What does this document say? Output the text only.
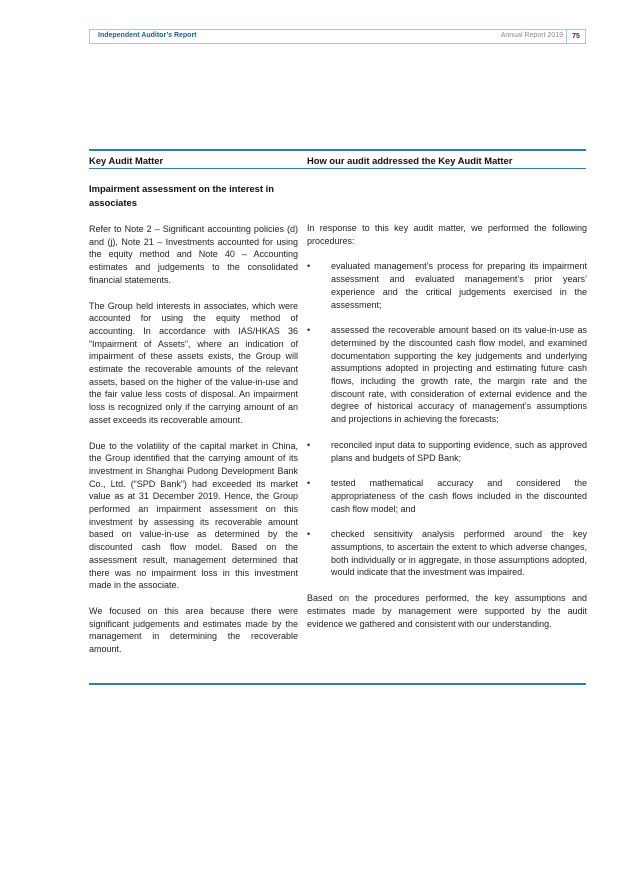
Independent Auditor’s Report	Annual Report 2019	75
Key Audit Matter	How our audit addressed the Key Audit Matter
Impairment assessment on the interest in associates

Refer to Note 2 – Significant accounting policies (d) and (j), Note 21 – Investments accounted for using the equity method and Note 40 – Accounting estimates and judgements to the consolidated financial statements.

The Group held interests in associates, which were accounted for using the equity method of accounting. In accordance with IAS/HKAS 36 “Impairment of Assets”, where an indication of impairment of these assets exists, the Group will estimate the recoverable amounts of the relevant assets, based on the higher of the value-in-use and the fair value less costs of disposal. An impairment loss is recognized only if the carrying amount of an asset exceeds its recoverable amount.

Due to the volatility of the capital market in China, the Group identified that the carrying amount of its investment in Shanghai Pudong Development Bank Co., Ltd. (“SPD Bank”) had exceeded its market value as at 31 December 2019. Hence, the Group performed an impairment assessment on this investment by assessing its recoverable amount based on value-in-use as determined by the discounted cash flow model. Based on the assessment result, management determined that there was no impairment loss in this investment made in the associate.

We focused on this area because there were significant judgements and estimates made by the management in determining the recoverable amount.

In response to this key audit matter, we performed the following procedures:

• evaluated management’s process for preparing its impairment assessment and evaluated management’s prior years’ experience and the critical judgements exercised in the assessment;
• assessed the recoverable amount based on its value-in-use as determined by the discounted cash flow model, and examined documentation supporting the key judgements and underlying assumptions adopted in projecting and estimating future cash flows, including the growth rate, the margin rate and the discount rate, with consideration of external evidence and the degree of historical accuracy of management’s assumptions and projections in achieving the forecasts;
• reconciled input data to supporting evidence, such as approved plans and budgets of SPD Bank;
• tested mathematical accuracy and considered the appropriateness of the cash flows included in the discounted cash flow model; and
• checked sensitivity analysis performed around the key assumptions, to ascertain the extent to which adverse changes, both individually or in aggregate, in those assumptions adopted, would indicate that the investment was impaired.

Based on the procedures performed, the key assumptions and estimates made by management were supported by the audit evidence we gathered and consistent with our understanding.
